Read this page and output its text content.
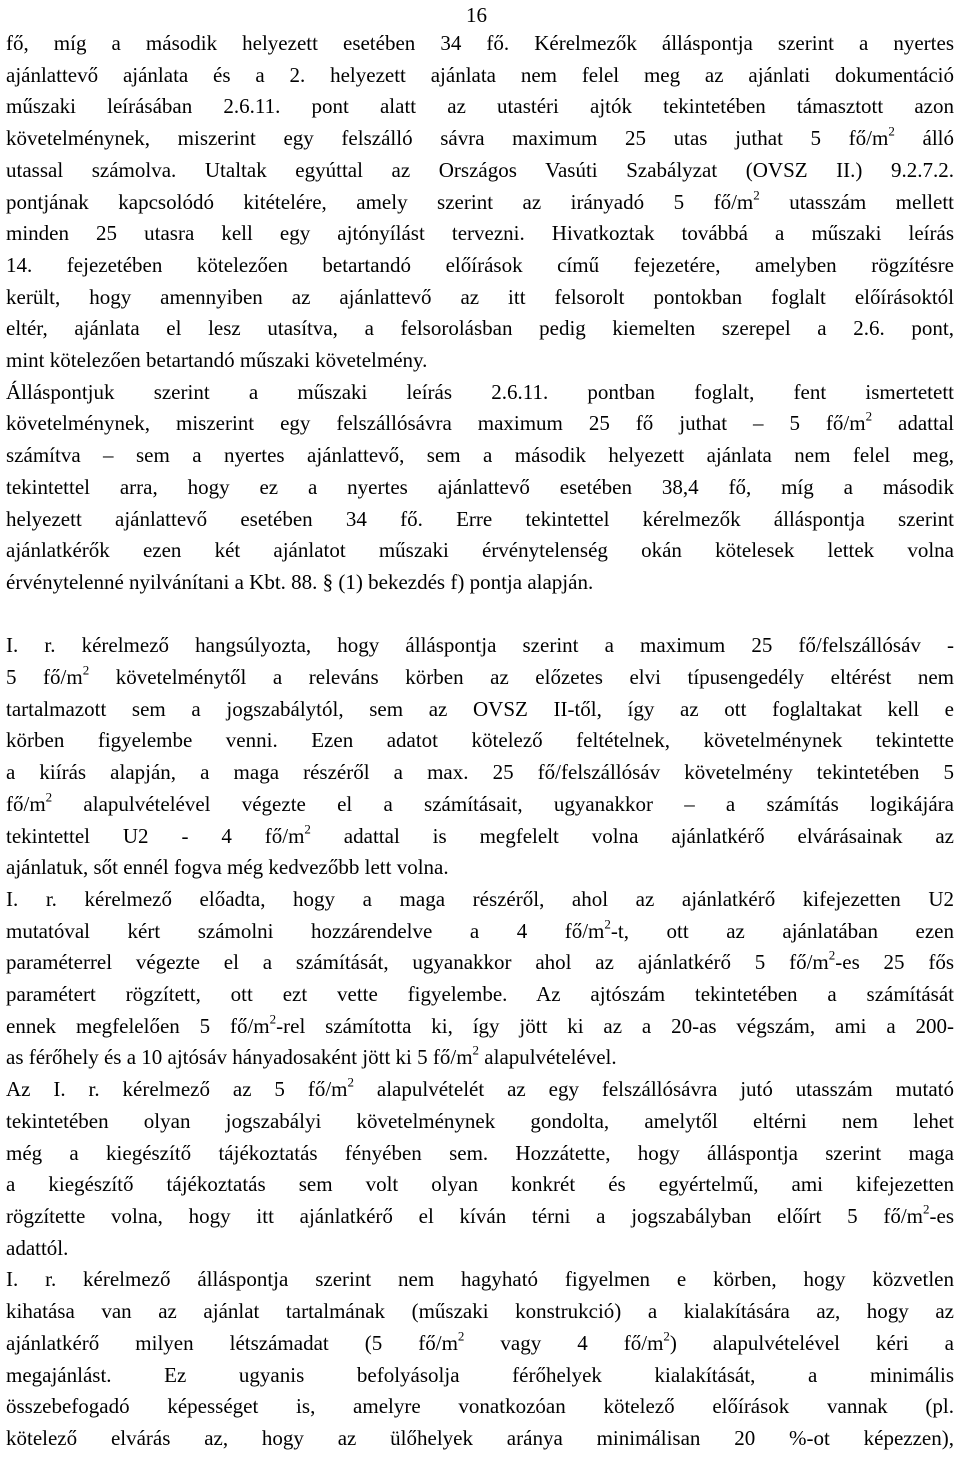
16
fő, míg a második helyezett esetében 34 fő. Kérelmezők álláspontja szerint a nyertes
ajánlattevő ajánlata és a 2. helyezett ajánlata nem felel meg az ajánlati dokumentáció
műszaki leírásában 2.6.11. pont alatt az utastéri ajtók tekintetében támasztott azon
követelménynek, miszerint egy felszálló sávra maximum 25 utas juthat 5 $fő/m^2$ álló
utassal számolva. Utaltak egyúttal az Országos Vasúti Szabályzat (OVSZ II.) 9.2.7.2.
pontjának kapcsolódó kitételére, amely szerint az irányadó 5 $fő/m^2$ utasszám mellett
minden 25 utasra kell egy ajtónyílást tervezni. Hivatkoztak továbbá a műszaki leírás
14. fejezetében kötelezően betartandó előírások című fejezetére, amelyben rögzítésre
került, hogy amennyiben az ajánlattevő az itt felsorolt pontokban foglalt előírásoktól
eltér, ajánlata el lesz utasítva, a felsorolásban pedig kiemelten szerepel a 2.6. pont,
mint kötelezően betartandó műszaki követelmény.
Álláspontjuk szerint a műszaki leírás 2.6.11. pontban foglalt, fent ismertetett
követelménynek, miszerint egy felszállósávra maximum 25 fő juthat – 5 $fő/m^2$ adattal
számítva – sem a nyertes ajánlattevő, sem a második helyezett ajánlata nem felel meg,
tekintettel arra, hogy ez a nyertes ajánlattevő esetében 38,4 fő, míg a második
helyezett ajánlattevő esetében 34 fő. Erre tekintettel kérelmezők álláspontja szerint
ajánlatkérők ezen két ajánlatot műszaki érvénytelenség okán kötelesek lettek volna
érvénytelenné nyilvánítani a Kbt. 88. § (1) bekezdés f) pontja alapján.
I. r. kérelmező hangsúlyozta, hogy álláspontja szerint a maximum 25 fő/felszállósáv -
5 $fő/m^2$ követelménytől a releváns körben az előzetes elvi típusengedély eltérést nem
tartalmazott sem a jogszabálytól, sem az OVSZ II-től, így az ott foglaltakat kell e
körben figyelembe venni. Ezen adatot kötelező feltételnek, követelménynek tekintette
a kiírás alapján, a maga részéről a max. 25 fő/felszállósáv követelmény tekintetében 5
$fő/m^2$ alapulvételével végezte el a számításait, ugyanakkor – a számítás logikájára
tekintettel U2 - 4 $fő/m^2$ adattal is megfelelt volna ajánlatkérő elvárásainak az
ajánlatuk, sőt ennél fogva még kedvezőbb lett volna.
I. r. kérelmező előadta, hogy a maga részéről, ahol az ajánlatkérő kifejezetten U2
mutatóval kért számolni hozzárendelve a 4 $fő/m^2-t$, ott az ajánlatában ezen
paraméterrel végezte el a számítását, ugyanakkor ahol az ajánlatkérő 5 $fő/m^2-es$ 25 fős
paramétert rögzített, ott ezt vette figyelembe. Az ajtószám tekintetében a számítását
ennek megfelelően 5 $fő/m^2$-rel számította ki, így jött ki az a 20-as végszám, ami a 200-
as férőhely és a 10 ajtósáv hányadosaként jött ki 5 $fő/m^2$ alapulvételével.
Az I. r. kérelmező az 5 $fő/m^2$ alapulvételét az egy felszállósávra jutó utasszám mutató
tekintetében olyan jogszabályi követelménynek gondolta, amelytől eltérni nem lehet
még a kiegészítő tájékoztatás fényében sem. Hozzátette, hogy álláspontja szerint maga
a kiegészítő tájékoztatás sem volt olyan konkrét és egyértelmű, ami kifejezetten
rögzítette volna, hogy itt ajánlatkérő el kíván térni a jogszabályban előírt 5 $fő/m^2-es$
adattól.
I. r. kérelmező álláspontja szerint nem hagyható figyelmen e körben, hogy közvetlen
kihatása van az ajánlat tartalmának (műszaki konstrukció) a kialakítására az, hogy az
ajánlatkérő milyen létszámadat (5 $fő/m^2$ vagy 4 $fő/m^2$) alapulvételével kéri a
megajánlást. Ez ugyanis befolyásolja férőhelyek kialakítását, a minimális
összebefogadó képességet is, amelyre vonatkozóan kötelező előírások vannak (pl.
kötelező elvárás az, hogy az ülőhelyek aránya minimálisan 20 %-ot képezzen),
